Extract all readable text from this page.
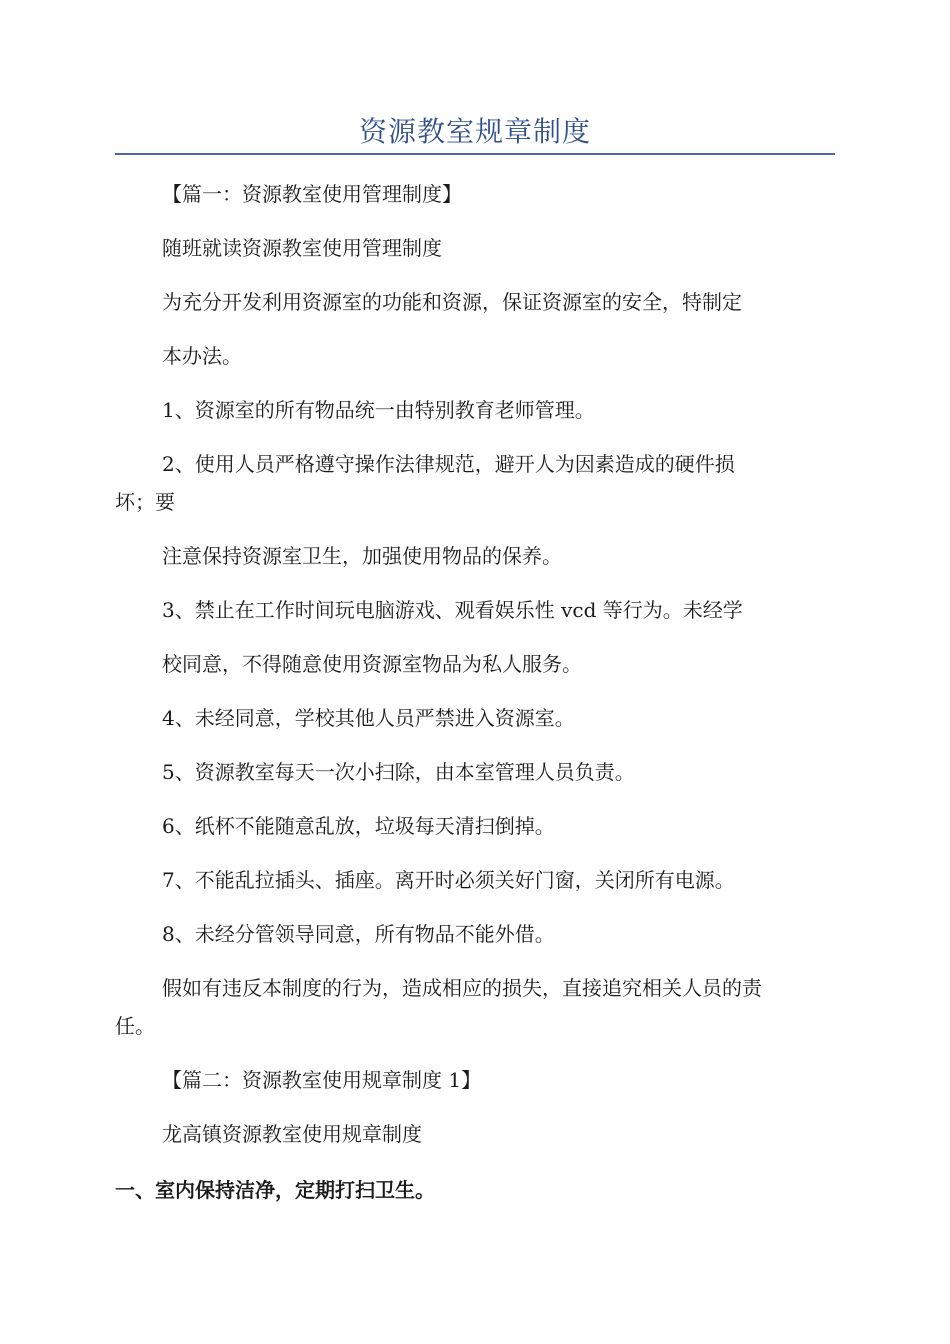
资源教室规章制度
【篇一：资源教室使用管理制度】
随班就读资源教室使用管理制度
为充分开发利用资源室的功能和资源，保证资源室的安全，特制定
本办法。
1、资源室的所有物品统一由特别教育老师管理。
2、使用人员严格遵守操作法律规范，避开人为因素造成的硬件损
坏；要
注意保持资源室卫生，加强使用物品的保养。
3、禁止在工作时间玩电脑游戏、观看娱乐性 vcd 等行为。未经学
校同意，不得随意使用资源室物品为私人服务。
4、未经同意，学校其他人员严禁进入资源室。
5、资源教室每天一次小扫除，由本室管理人员负责。
6、纸杯不能随意乱放，垃圾每天清扫倒掉。
7、不能乱拉插头、插座。离开时必须关好门窗，关闭所有电源。
8、未经分管领导同意，所有物品不能外借。
假如有违反本制度的行为，造成相应的损失，直接追究相关人员的责
任。
【篇二：资源教室使用规章制度 1】
龙高镇资源教室使用规章制度
一、室内保持洁净，定期打扫卫生。
